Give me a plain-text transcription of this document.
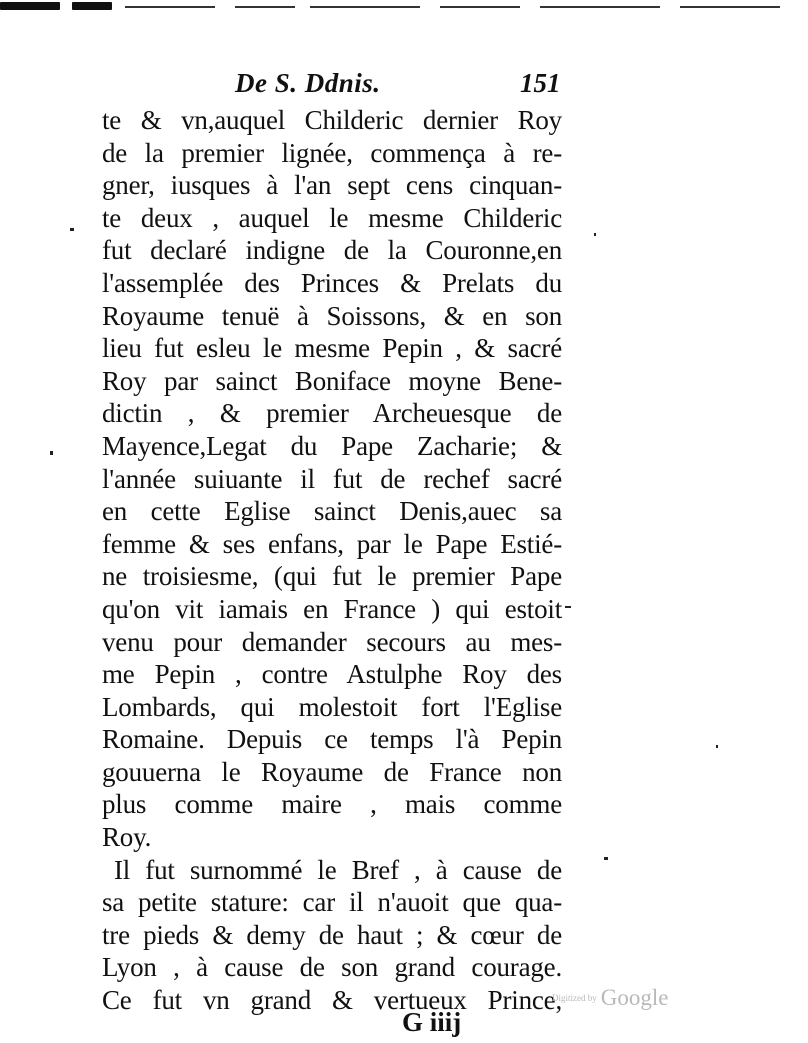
De S. Ddnis.	151
te & vn,auquel Childeric dernier Roy
de la premier lignée, commença à re-
gner, iusques à l'an sept cens cinquan-
te deux , auquel le mesme Childeric
fut declaré indigne de la Couronne,en
l'assemplée des Princes & Prelats du
Royaume tenuë à Soissons, & en son
lieu fut esleu le mesme Pepin , & sacré
Roy par sainct Boniface moyne Bene-
dictin , & premier Archeuesque de
Mayence,Legat du Pape Zacharie; &
l'année suiuante il fut de rechef sacré
en cette Eglise sainct Denis,auec sa
femme & ses enfans, par le Pape Estié-
ne troisiesme, (qui fut le premier Pape
qu'on vit iamais en France ) qui estoit
venu pour demander secours au mes-
me Pepin , contre Astulphe Roy des
Lombards, qui molestoit fort l'Eglise
Romaine. Depuis ce temps l'à Pepin
gouuerna le Royaume de France non
plus comme maire , mais comme
Roy.
Il fut surnommé le Bref , à cause de
sa petite stature: car il n'auoit que qua-
tre pieds & demy de haut ; & cœur de
Lyon , à cause de son grand courage.
Ce fut vn grand & vertueux Prince,
Digitized by Google
G iiij
